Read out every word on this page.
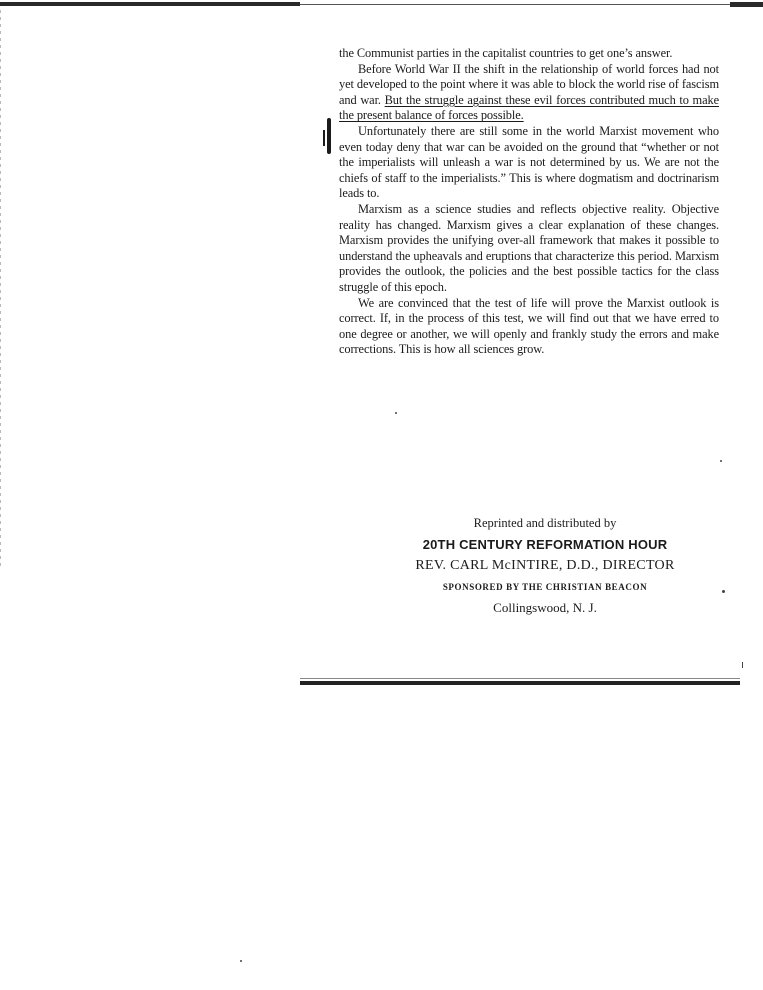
the Communist parties in the capitalist countries to get one’s answer.

Before World War II the shift in the relationship of world forces had not yet developed to the point where it was able to block the world rise of fascism and war. But the struggle against these evil forces contributed much to make the present balance of forces possible.

Unfortunately there are still some in the world Marxist movement who even today deny that war can be avoided on the ground that “whether or not the imperialists will unleash a war is not determined by us. We are not the chiefs of staff to the imperialists.” This is where dogmatism and doctrinarism leads to.

Marxism as a science studies and reflects objective reality. Objective reality has changed. Marxism gives a clear explanation of these changes. Marxism provides the unifying over-all framework that makes it possible to understand the upheavals and eruptions that characterize this period. Marxism provides the outlook, the policies and the best possible tactics for the class struggle of this epoch.

We are convinced that the test of life will prove the Marxist outlook is correct. If, in the process of this test, we will find out that we have erred to one degree or another, we will openly and frankly study the errors and make corrections. This is how all sciences grow.

Reprinted and distributed by
20TH CENTURY REFORMATION HOUR
REV. CARL McINTIRE, D.D., DIRECTOR
SPONSORED BY THE CHRISTIAN BEACON
Collingswood, N. J.
